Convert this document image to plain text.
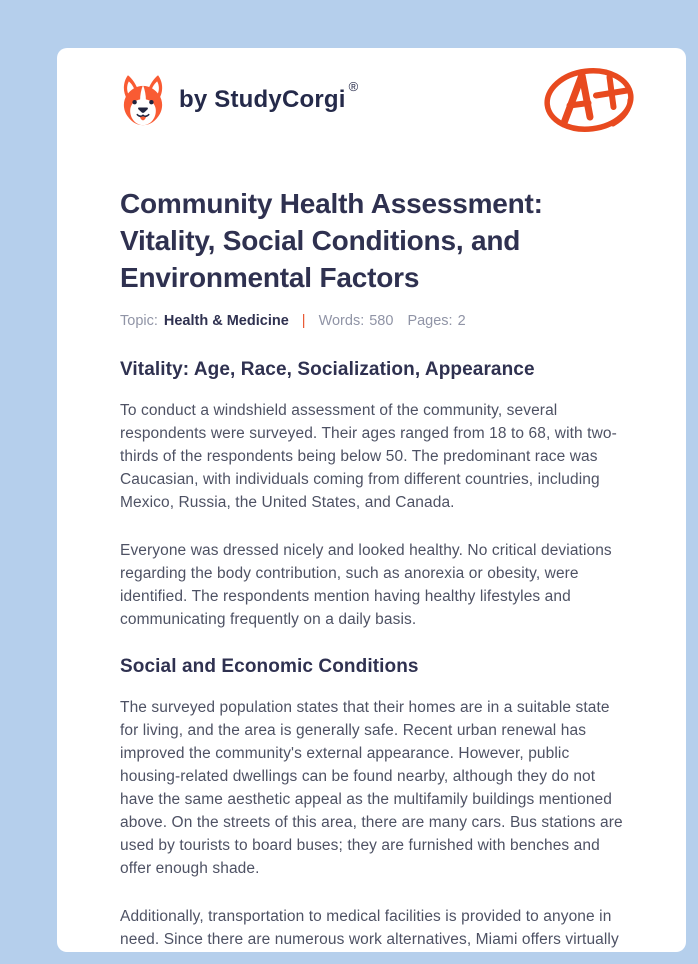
by StudyCorgi ®
Community Health Assessment: Vitality, Social Conditions, and Environmental Factors
Topic: Health & Medicine | Words: 580 Pages: 2
Vitality: Age, Race, Socialization, Appearance

To conduct a windshield assessment of the community, several respondents were surveyed. Their ages ranged from 18 to 68, with two-thirds of the respondents being below 50. The predominant race was Caucasian, with individuals coming from different countries, including Mexico, Russia, the United States, and Canada.

Everyone was dressed nicely and looked healthy. No critical deviations regarding the body contribution, such as anorexia or obesity, were identified. The respondents mention having healthy lifestyles and communicating frequently on a daily basis.

Social and Economic Conditions

The surveyed population states that their homes are in a suitable state for living, and the area is generally safe. Recent urban renewal has improved the community's external appearance. However, public housing-related dwellings can be found nearby, although they do not have the same aesthetic appeal as the multifamily buildings mentioned above. On the streets of this area, there are many cars. Bus stations are used by tourists to board buses; they are furnished with benches and offer enough shade.

Additionally, transportation to medical facilities is provided to anyone in need. Since there are numerous work alternatives, Miami offers virtually
